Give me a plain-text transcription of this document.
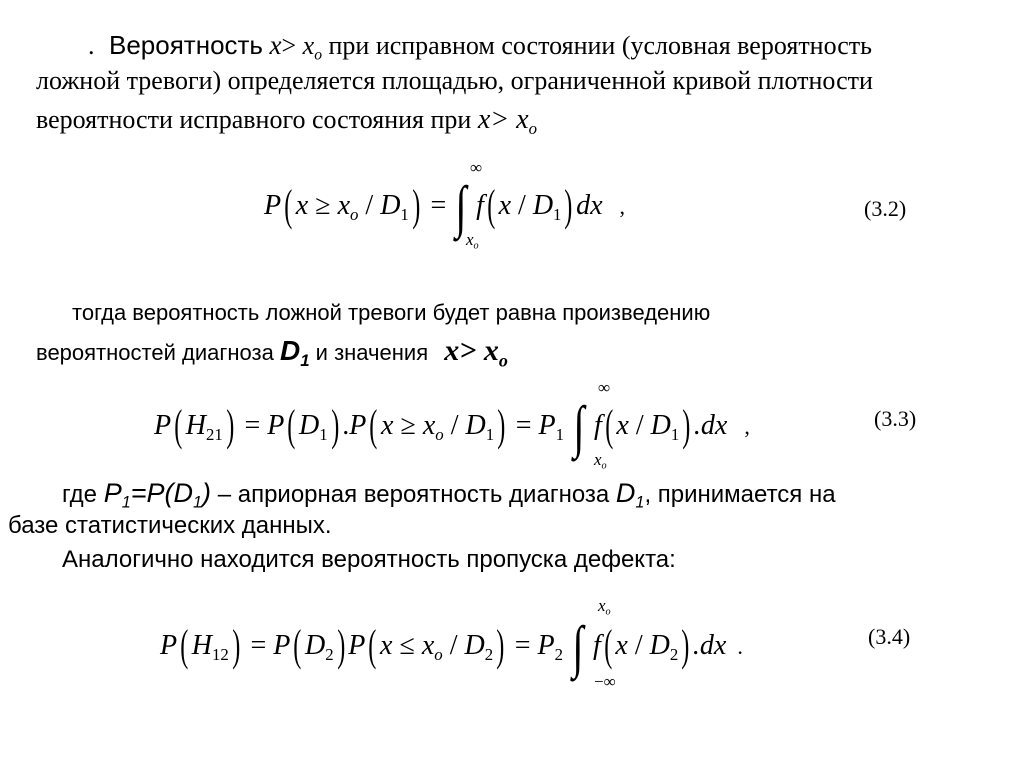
. Вероятность $x> x_o$ при исправном состоянии (условная вероятность
ложной тревоги) определяется площадью, ограниченной кривой плотности
вероятности исправного состояния при $x> x_o$
P( $x \ge x_o / D_1$) = ∫ f( x / $D_1$) dx ,
∞
$x_o$
(3.2)
тогда вероятность ложной тревоги будет равна произведению
вероятностей диагноза $D_1$ и значения $x> x_o$
P( $H_{21}) = P$( $D_1$) .P( $x \ge x_o / D_1) = P_1$ ∫ f( x / $D_1$) .dx ,
∞
$x_o$
(3.3)
где $P_1=P(D_1)$ – априорная вероятность диагноза $D_1$, принимается на
базе статистических данных.
Аналогично находится вероятность пропуска дефекта:
P( $H_{12}) = P$( $D_2$) P( $x \le x_o / D_2) = P_2$ ∫ f( x / $D_2$) .dx .
$x_o$
−∞
(3.4)
